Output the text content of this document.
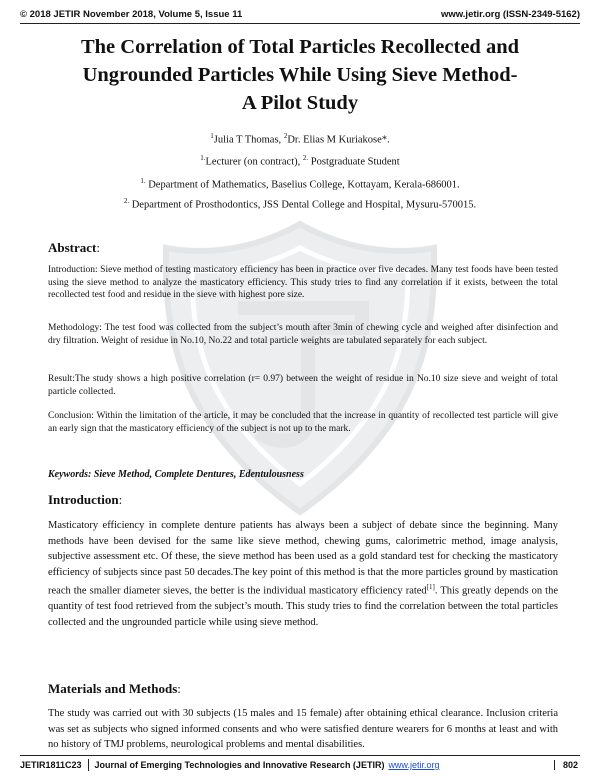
© 2018 JETIR November 2018, Volume 5, Issue 11	www.jetir.org (ISSN-2349-5162)
The Correlation of Total Particles Recollected and
Ungrounded Particles While Using Sieve Method-
A Pilot Study
$^1$Julia T Thomas, $^2$Dr. Elias M Kuriakose*.
$^{1.}$Lecturer (on contract), $^{2.}$ Postgraduate Student
$^{1.}$ Department of Mathematics, Baselius College, Kottayam, Kerala-686001.
$^{2.}$ Department of Prosthodontics, JSS Dental College and Hospital, Mysuru-570015.
Abstract:

Introduction: Sieve method of testing masticatory efficiency has been in practice over five decades. Many test foods have been tested using the sieve method to analyze the masticatory efficiency. This study tries to find any correlation if it exists, between the total recollected test food and residue in the sieve with highest pore size.

Methodology: The test food was collected from the subject’s mouth after 3min of chewing cycle and weighed after disinfection and dry filtration. Weight of residue in No.10, No.22 and total particle weights are tabulated separately for each subject.

Result:The study shows a high positive correlation (r= 0.97) between the weight of residue in No.10 size sieve and weight of total particle collected.

Conclusion: Within the limitation of the article, it may be concluded that the increase in quantity of recollected test particle will give an early sign that the masticatory efficiency of the subject is not up to the mark.

Keywords: Sieve Method, Complete Dentures, Edentulousness
Introduction:

Masticatory efficiency in complete denture patients has always been a subject of debate since the beginning. Many methods have been devised for the same like sieve method, chewing gums, calorimetric method, image analysis, subjective assessment etc. Of these, the sieve method has been used as a gold standard test for checking the masticatory efficiency of subjects since past 50 decades.The key point of this method is that the more particles ground by mastication reach the smaller diameter sieves, the better is the individual masticatory efficiency rated[1]. This greatly depends on the quantity of test food retrieved from the subject’s mouth. This study tries to find the correlation between the total particles collected and the ungrounded particle while using sieve method.

Materials and Methods:

The study was carried out with 30 subjects (15 males and 15 female) after obtaining ethical clearance. Inclusion criteria was set as subjects who signed informed consents and who were satisfied denture wearers for 6 months at least and with no history of TMJ problems, neurological problems and mental disabilities.

JETIR1811C23 Journal of Emerging Technologies and Innovative Research (JETIR) www.jetir.org	802
